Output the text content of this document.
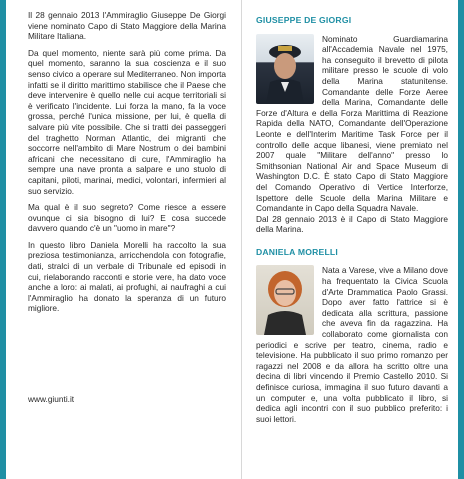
Il 28 gennaio 2013 l'Ammiraglio Giuseppe De Giorgi viene nominato Capo di Stato Maggiore della Marina Militare Italiana.

Da quel momento, niente sarà più come prima. Da quel momento, saranno la sua coscienza e il suo senso civico a operare sul Mediterraneo. Non importa infatti se il diritto marittimo stabilisce che il Paese che deve intervenire è quello nelle cui acque territoriali si è verificato l'incidente. Lui forza la mano, fa la voce grossa, perché l'unica missione, per lui, è quella di salvare più vite possibile. Che si tratti dei passeggeri del traghetto Norman Atlantic, dei migranti che soccorre nell'ambito di Mare Nostrum o dei bambini africani che necessitano di cure, l'Ammiraglio ha sempre una nave pronta a salpare e uno stuolo di capitani, piloti, marinai, medici, volontari, infermieri al suo servizio.

Ma qual è il suo segreto? Come riesce a essere ovunque ci sia bisogno di lui? E cosa succede davvero quando c'è un "uomo in mare"?

In questo libro Daniela Morelli ha raccolto la sua preziosa testimonianza, arricchendola con fotografie, dati, stralci di un verbale di Tribunale ed episodi in cui, rielaborando racconti e storie vere, ha dato voce anche a loro: ai malati, ai profughi, ai naufraghi a cui l'Ammiraglio ha donato la speranza di un futuro migliore.

www.giunti.it
GIUSEPPE DE GIORGI

Nominato Guardiamarina all'Accademia Navale nel 1975, ha conseguito il brevetto di pilota militare presso le scuole di volo della Marina statunitense. Comandante delle Forze Aeree della Marina, Comandante delle Forze d'Altura e della Forza Marittima di Reazione Rapida della NATO, Comandante dell'Operazione Leonte e dell'Interim Maritime Task Force per il controllo delle acque libanesi, viene premiato nel 2007 quale "Militare dell'anno" presso lo Smithsonian National Air and Space Museum di Washington D.C. È stato Capo di Stato Maggiore del Comando Operativo di Vertice Interforze, Ispettore delle Scuole della Marina Militare e Comandante in Capo della Squadra Navale.

Dal 28 gennaio 2013 è il Capo di Stato Maggiore della Marina.

DANIELA MORELLI

Nata a Varese, vive a Milano dove ha frequentato la Civica Scuola d'Arte Drammatica Paolo Grassi. Dopo aver fatto l'attrice si è dedicata alla scrittura, passione che aveva fin da ragazzina. Ha collaborato come giornalista con periodici e scrive per teatro, cinema, radio e televisione. Ha pubblicato il suo primo romanzo per ragazzi nel 2008 e da allora ha scritto oltre una decina di libri vincendo il Premio Castello 2010. Si definisce curiosa, immagina il suo futuro davanti a un computer e, una volta pubblicato il libro, si dedica agli incontri con il suo pubblico preferito: i suoi lettori.
